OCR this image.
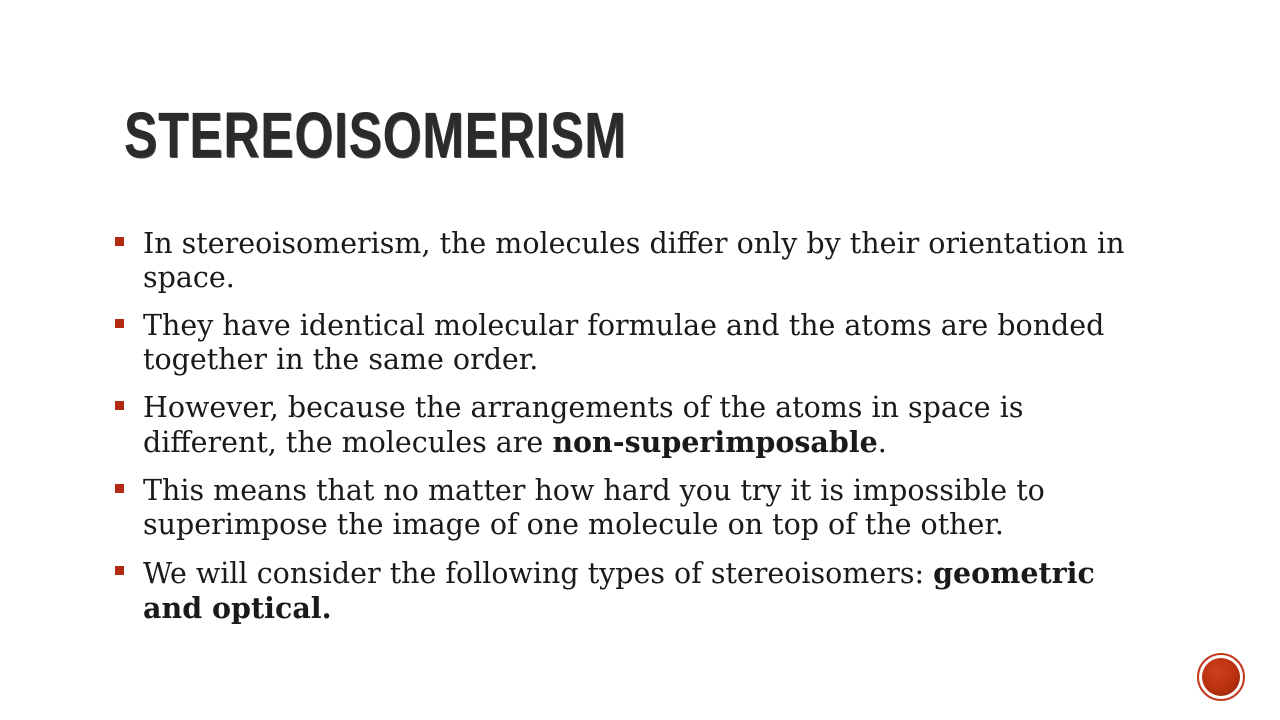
STEREOISOMERISM
In stereoisomerism, the molecules differ only by their orientation in space.
They have identical molecular formulae and the atoms are bonded together in the same order.
However, because the arrangements of the atoms in space is different, the molecules are non-superimposable.
This means that no matter how hard you try it is impossible to superimpose the image of one molecule on top of the other.
We will consider the following types of stereoisomers: geometric and optical.
